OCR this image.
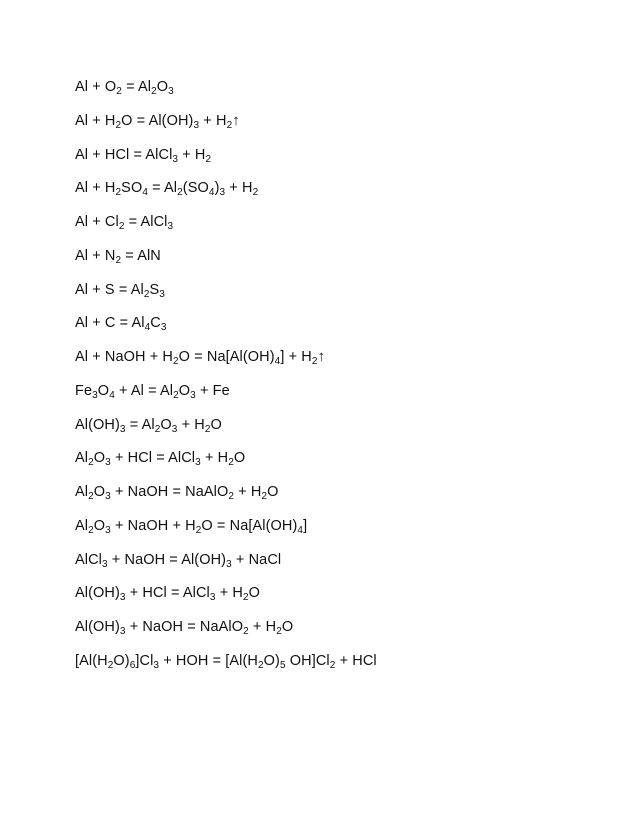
$Al + O_2 = Al_2O_3$
$Al + H_2O = Al(OH)_3$ + $H_2↑$
Al + HCl = AlCl$_3$ + $H_2$
$Al + H_2SO_4 = Al_2(SO_4)_3 + H_2$
$Al + Cl_2$ = AlCl$_3$
$Al + N_2$ = AlN
$Al + S = Al_2S_3$
$Al + C = Al_4C_3$
Al + NaOH + $H_2O = Na[Al(OH)_4]$ + $H_2↑$
$Fe_3O_4 + Al = Al_2O_3 + Fe$
$Al(OH)_3 = Al_2O_3 + H_2O$
$Al_2O_3$ + HCl = AlCl$_3$ + $H_2O$
$Al_2O_3$ + NaOH = NaAlO$_2$ + $H_2O$
$Al_2O_3$ + NaOH + $H_2O = Na[Al(OH)_4]$
AlCl$_3$ + NaOH = $Al(OH)_3$ + NaCl
$Al(OH)_3$ + HCl = AlCl$_3$ + $H_2O$
$Al(OH)_3$ + NaOH = NaAlO$_2$ + $H_2O$
$[Al(H_2O)_6]Cl_3$ + HOH = [$Al(H_2O)_5$ $OH]Cl_2$ + HCl
